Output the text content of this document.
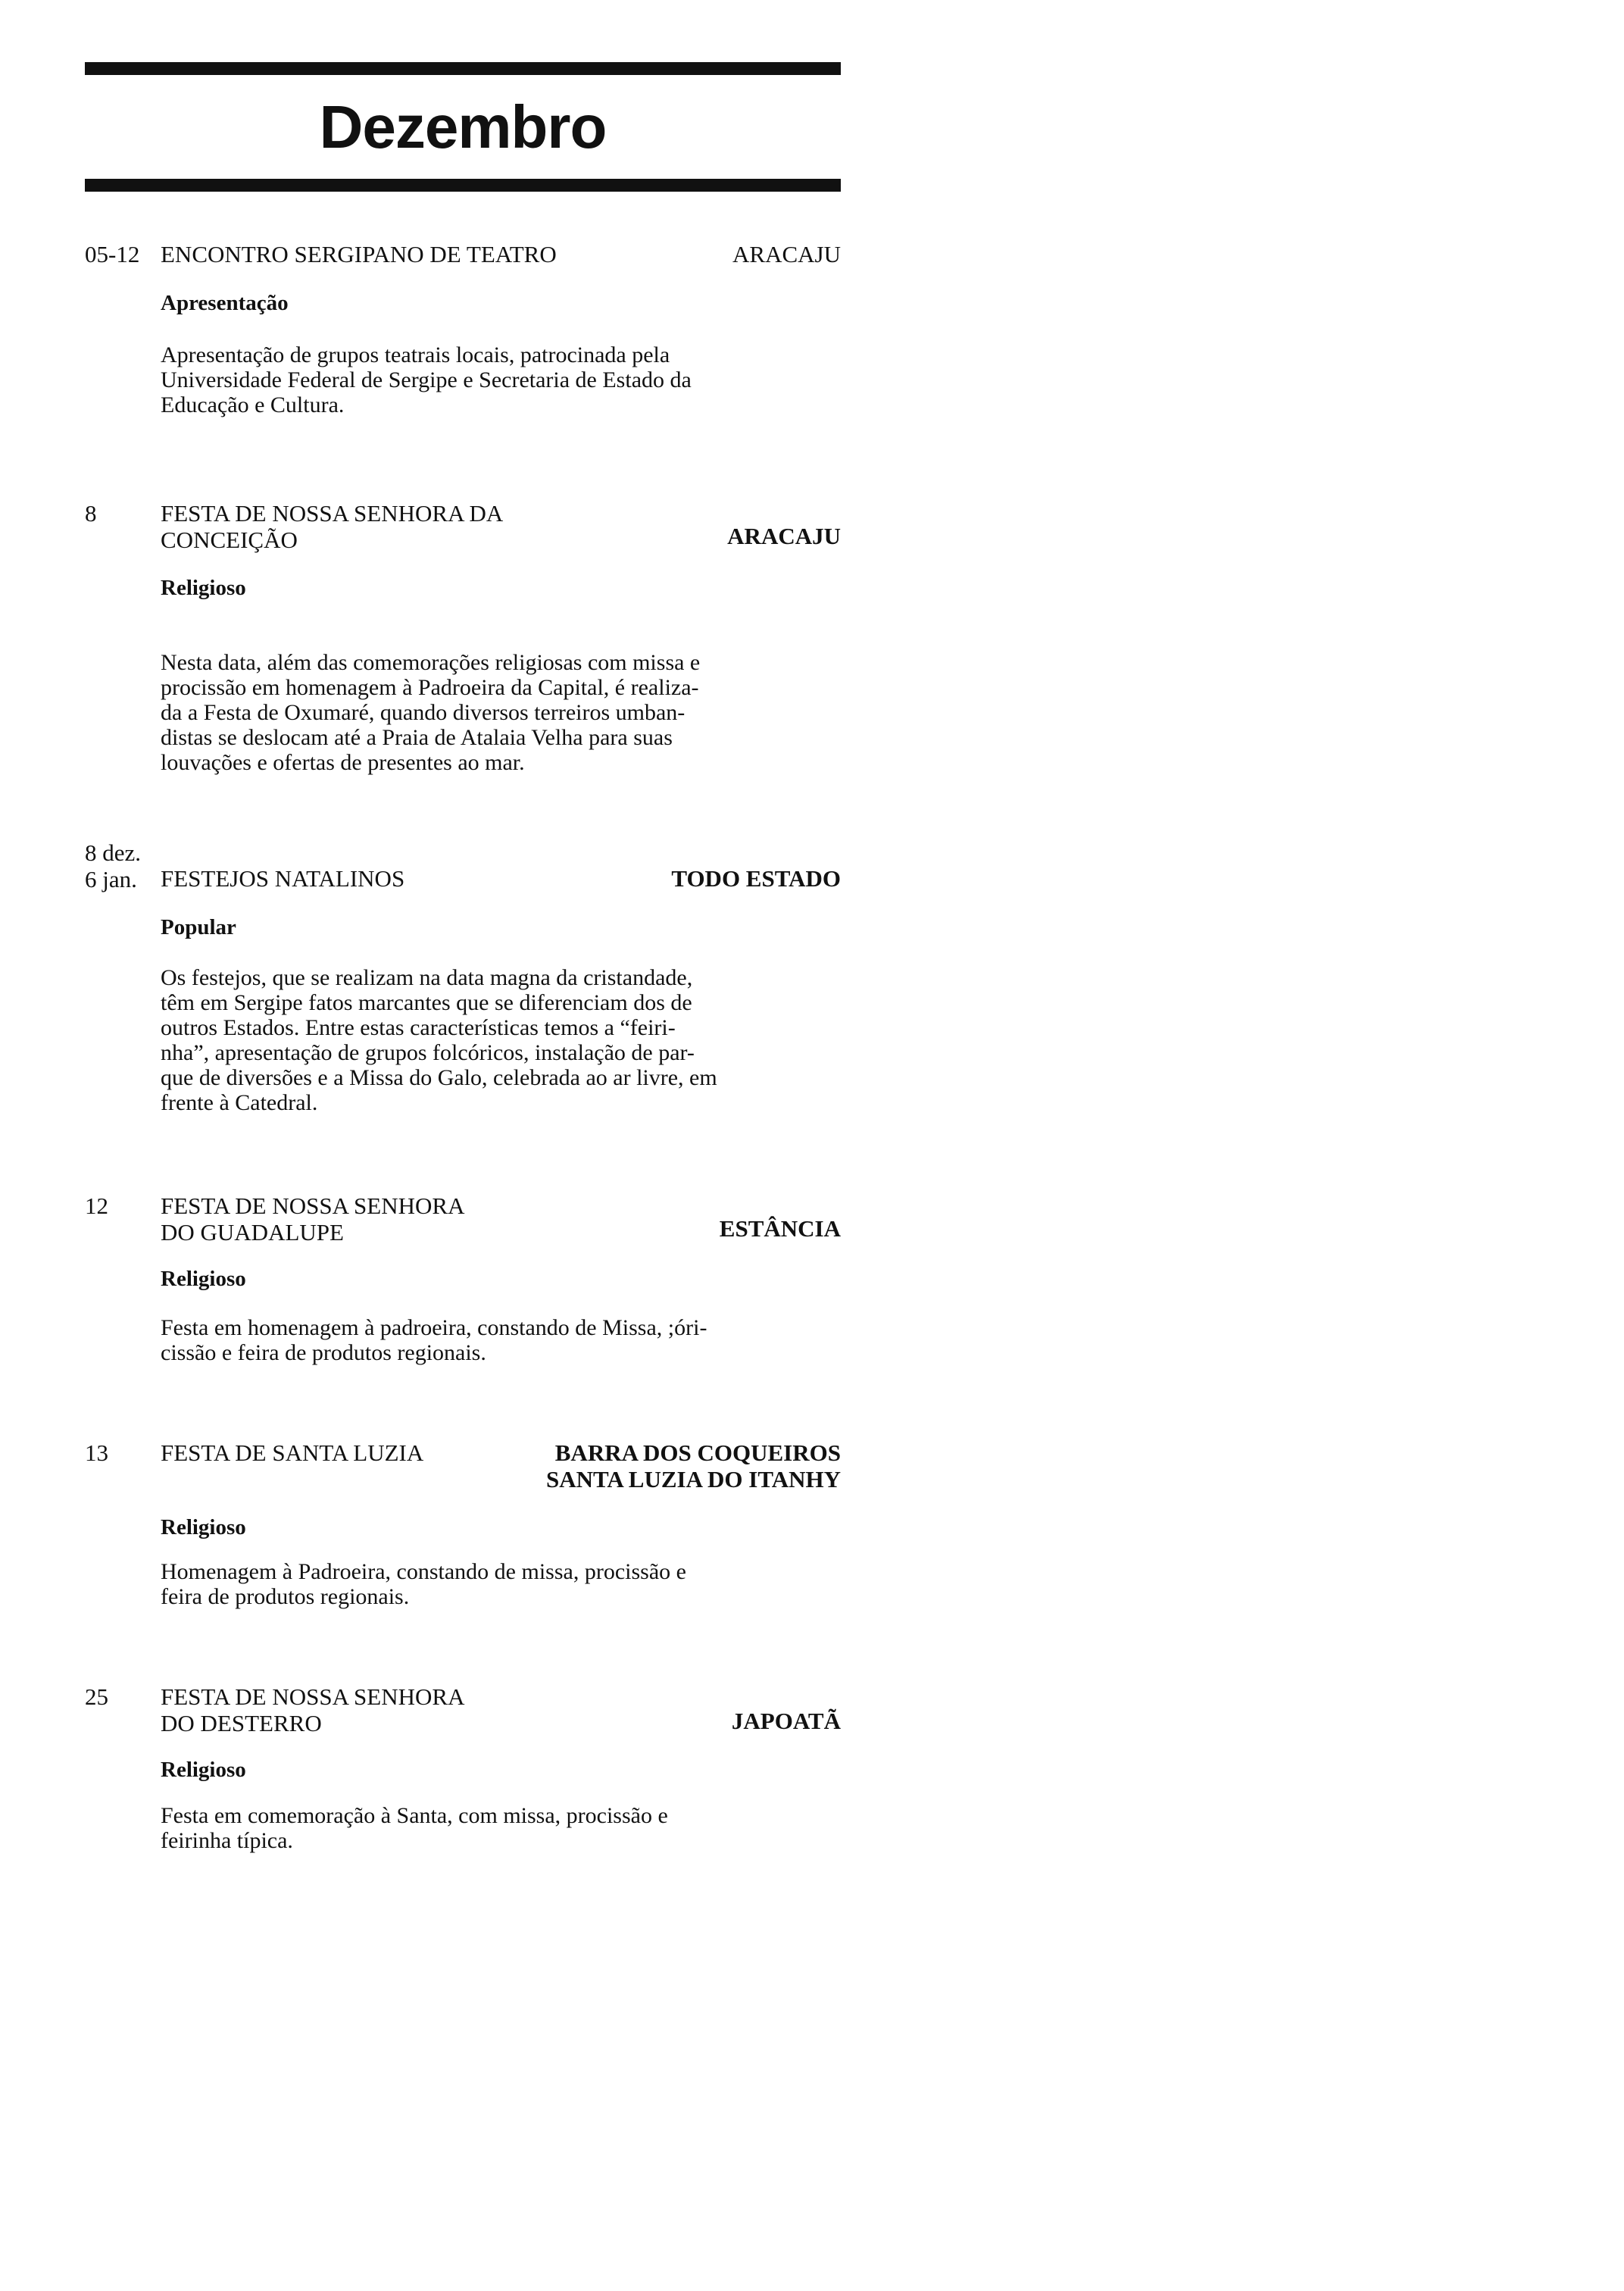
Dezembro
05-12 ENCONTRO SERGIPANO DE TEATRO	ARACAJU
Apresentação
Apresentação de grupos teatrais locais, patrocinada pela
Universidade Federal de Sergipe e Secretaria de Estado da
Educação e Cultura.
8	FESTA DE NOSSA SENHORA DA
CONCEIÇÃO	ARACAJU
Religioso
Nesta data, além das comemorações religiosas com missa e
procissão em homenagem à Padroeira da Capital, é realiza-
da a Festa de Oxumaré, quando diversos terreiros umban-
distas se deslocam até a Praia de Atalaia Velha para suas
louvações e ofertas de presentes ao mar.
8 dez.
6 jan. FESTEJOS NATALINOS	TODO ESTADO
Popular
Os festejos, que se realizam na data magna da cristandade,
têm em Sergipe fatos marcantes que se diferenciam dos de
outros Estados. Entre estas características temos a “feiri-
nha”, apresentação de grupos folcóricos, instalação de par-
que de diversões e a Missa do Galo, celebrada ao ar livre, em
frente à Catedral.
12 FESTA DE NOSSA SENHORA
DO GUADALUPE	ESTÂNCIA
Religioso
Festa em homenagem à padroeira, constando de Missa, ;óri-
cissão e feira de produtos regionais.
13 FESTA DE SANTA LUZIA	BARRA DOS COQUEIROS
SANTA LUZIA DO ITANHY
Religioso
Homenagem à Padroeira, constando de missa, procissão e
feira de produtos regionais.
25 FESTA DE NOSSA SENHORA
DO DESTERRO	JAPOATÃ
Religioso
Festa em comemoração à Santa, com missa, procissão e
feirinha típica.
